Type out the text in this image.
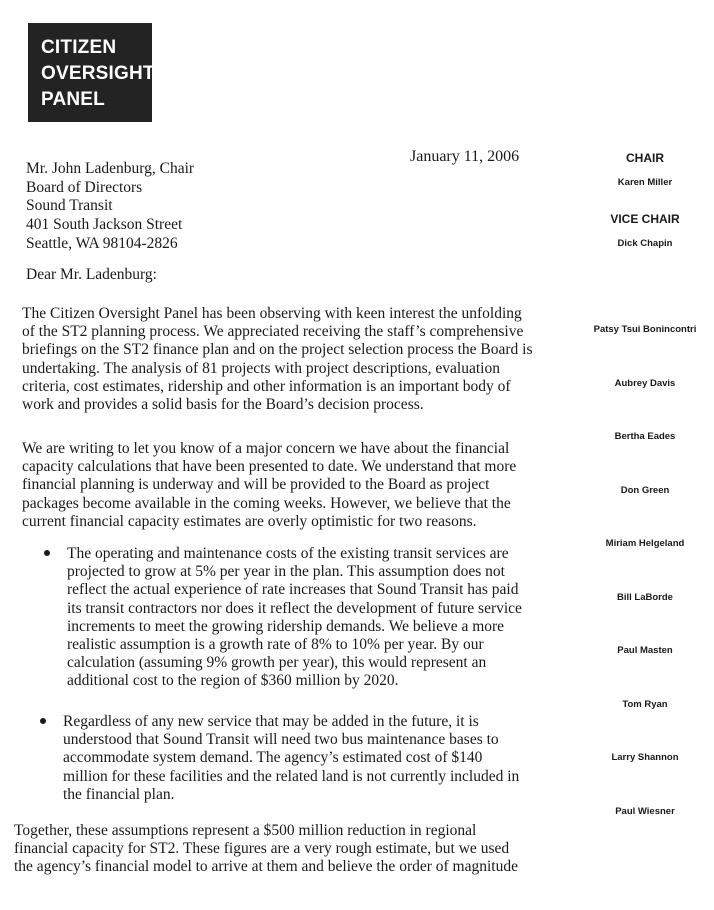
CITIZEN
OVERSIGHT
PANEL
January 11, 2006
Mr. John Ladenburg, Chair
Board of Directors
Sound Transit
401 South Jackson Street
Seattle, WA 98104-2826
Dear Mr. Ladenburg:
The Citizen Oversight Panel has been observing with keen interest the unfolding
of the ST2 planning process. We appreciated receiving the staff’s comprehensive
briefings on the ST2 finance plan and on the project selection process the Board is
undertaking. The analysis of 81 projects with project descriptions, evaluation
criteria, cost estimates, ridership and other information is an important body of
work and provides a solid basis for the Board’s decision process.
We are writing to let you know of a major concern we have about the financial
capacity calculations that have been presented to date. We understand that more
financial planning is underway and will be provided to the Board as project
packages become available in the coming weeks. However, we believe that the
current financial capacity estimates are overly optimistic for two reasons.
The operating and maintenance costs of the existing transit services are
projected to grow at 5% per year in the plan. This assumption does not
reflect the actual experience of rate increases that Sound Transit has paid
its transit contractors nor does it reflect the development of future service
increments to meet the growing ridership demands. We believe a more
realistic assumption is a growth rate of 8% to 10% per year. By our
calculation (assuming 9% growth per year), this would represent an
additional cost to the region of $360 million by 2020.
Regardless of any new service that may be added in the future, it is
understood that Sound Transit will need two bus maintenance bases to
accommodate system demand. The agency’s estimated cost of $140
million for these facilities and the related land is not currently included in
the financial plan.
Together, these assumptions represent a $500 million reduction in regional
financial capacity for ST2. These figures are a very rough estimate, but we used
the agency’s financial model to arrive at them and believe the order of magnitude
CHAIR
Karen Miller
VICE CHAIR
Dick Chapin
Patsy Tsui Bonincontri
Aubrey Davis
Bertha Eades
Don Green
Miriam Helgeland
Bill LaBorde
Paul Masten
Tom Ryan
Larry Shannon
Paul Wiesner
